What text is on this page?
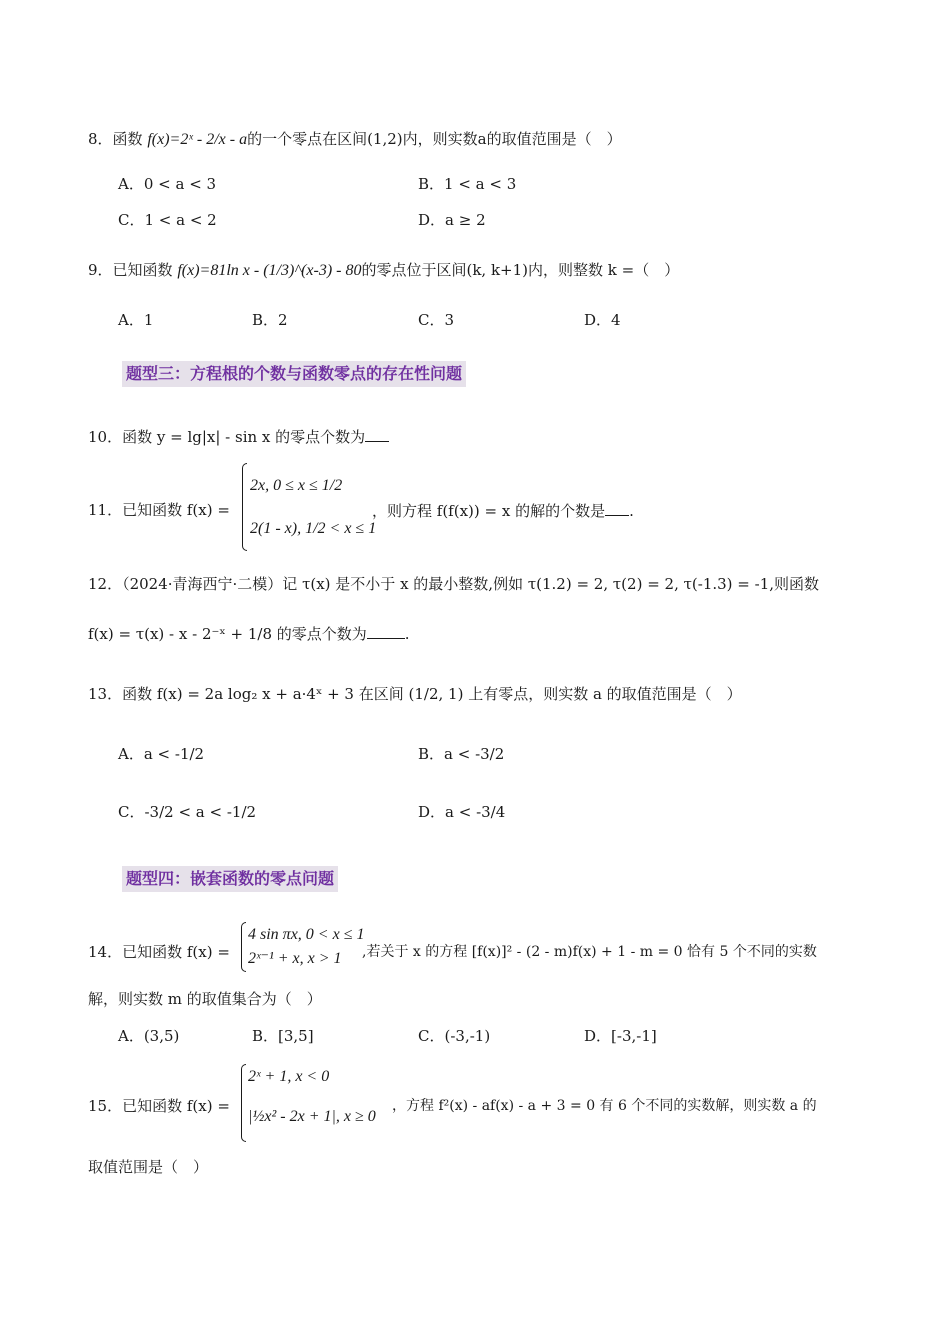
8．函数 f(x)=2ˣ - 2/x - a的一个零点在区间(1,2)内，则实数a的取值范围是（　）
A．0 < a < 3	B．1 < a < 3
C．1 < a < 2	D．a ≥ 2
9．已知函数 f(x)=81ln x - (1/3)^(x-3) - 80的零点位于区间(k, k+1)内，则整数 k =（　）
A．1	B．2	C．3	D．4
题型三：方程根的个数与函数零点的存在性问题
10．函数 y = lg|x| - sin x 的零点个数为
11．已知函数 f(x) =
2x, 0 ≤ x ≤ 1/2
2(1 - x), 1/2 < x ≤ 1
，则方程 f(f(x)) = x 的解的个数是 .
12．（2024·青海西宁·二模）记 τ(x) 是不小于 x 的最小整数,例如 τ(1.2) = 2, τ(2) = 2, τ(-1.3) = -1,则函数
f(x) = τ(x) - x - 2⁻ˣ + 1/8 的零点个数为	.
13．函数 f(x) = 2a log₂ x + a·4ˣ + 3 在区间 (1/2, 1) 上有零点，则实数 a 的取值范围是（　）
A．a < -1/2	B．a < -3/2
C．-3/2 < a < -1/2	D．a < -3/4
题型四：嵌套函数的零点问题
14．已知函数 f(x) =
4 sin πx, 0 < x ≤ 1
2ˣ⁻¹ + x, x > 1 ,若关于 x 的方程 [f(x)]² - (2 - m)f(x) + 1 - m = 0 恰有 5 个不同的实数
解，则实数 m 的取值集合为（　）
A．(3,5)	B．[3,5]	C．(-3,-1)	D．[-3,-1]
15．已知函数 f(x) =
2ˣ + 1, x < 0
|½x² - 2x + 1|, x ≥ 0
，方程 f²(x) - af(x) - a + 3 = 0 有 6 个不同的实数解，则实数 a 的
取值范围是（　）
